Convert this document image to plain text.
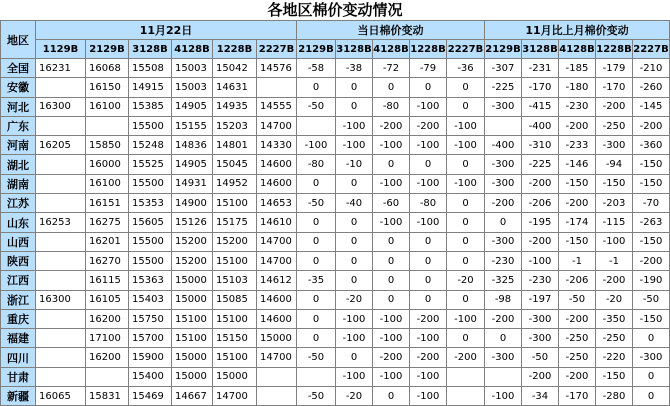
各地区棉价变动情况
地区	11月22日						当日棉价变动					11月比上月棉价变动				
	1129B	2129B	3128B	4128B	1228B	2227B	2129B	3128B	4128B	1228B	2227B	2129B	3128B	4128B	1228B	2227B
全国	16231	16068	15508	15003	15042	14576	-58	-38	-72	-79	-36	-307	-231	-185	-179	-210
安徽		16150	14915	15003	14631		0	0	0	0	0	-225	-170	-180	-170	-260
河北	16300	16100	15385	14905	14935	14555	-50	0	-80	-100	0	-300	-415	-230	-200	-145
广东			15500	15155	15203	14700		-100	-200	-200	-100		-400	-200	-250	-200
河南	16205	15850	15248	14836	14801	14330	-100	-100	-100	-100	-100	-400	-310	-233	-300	-360
湖北		16000	15525	14905	15045	14600	-80	-10	0	0	0	-300	-225	-146	-94	-150
湖南		16100	15500	14931	14952	14600	0	0	-100	-100	-100	-300	-200	-150	-150	-150
江苏		16151	15353	14900	15100	14653	-50	-40	-60	-80	0	-200	-206	-200	-203	-70
山东	16253	16275	15605	15126	15175	14610	0	0	-100	-100	0	0	-195	-174	-115	-263
山西		16201	15500	15200	15200	14700	0	0	0	0	0	-300	-200	-150	-100	-150
陕西		16270	15500	15200	15100	14700	0	0	0	0	0	-230	-100	-1	-1	-200
江西		16115	15363	15000	15103	14612	-35	0	0	0	-20	-325	-230	-206	-200	-190
浙江	16300	16105	15403	15000	15085	14600	0	-20	0	0	0	-98	-197	-50	-20	-50
重庆		16200	15750	15100	15100	14600	0	-100	-100	-200	-100	-200	-300	-200	-350	-150
福建		17100	15700	15100	15150	15000	0	-100	-100	-100	0	0	-300	-250	-250	0
四川		16200	15900	15000	15100	14700	-50	0	-200	-200	-200	-300	-50	-250	-220	-300
甘肃			15400	15000	15000			-100	-100	-100			-200	-200	-150	0
新疆	16065	15831	15469	14667	14700		-50	-20	0	-100		-100	-34	-170	-280	0
